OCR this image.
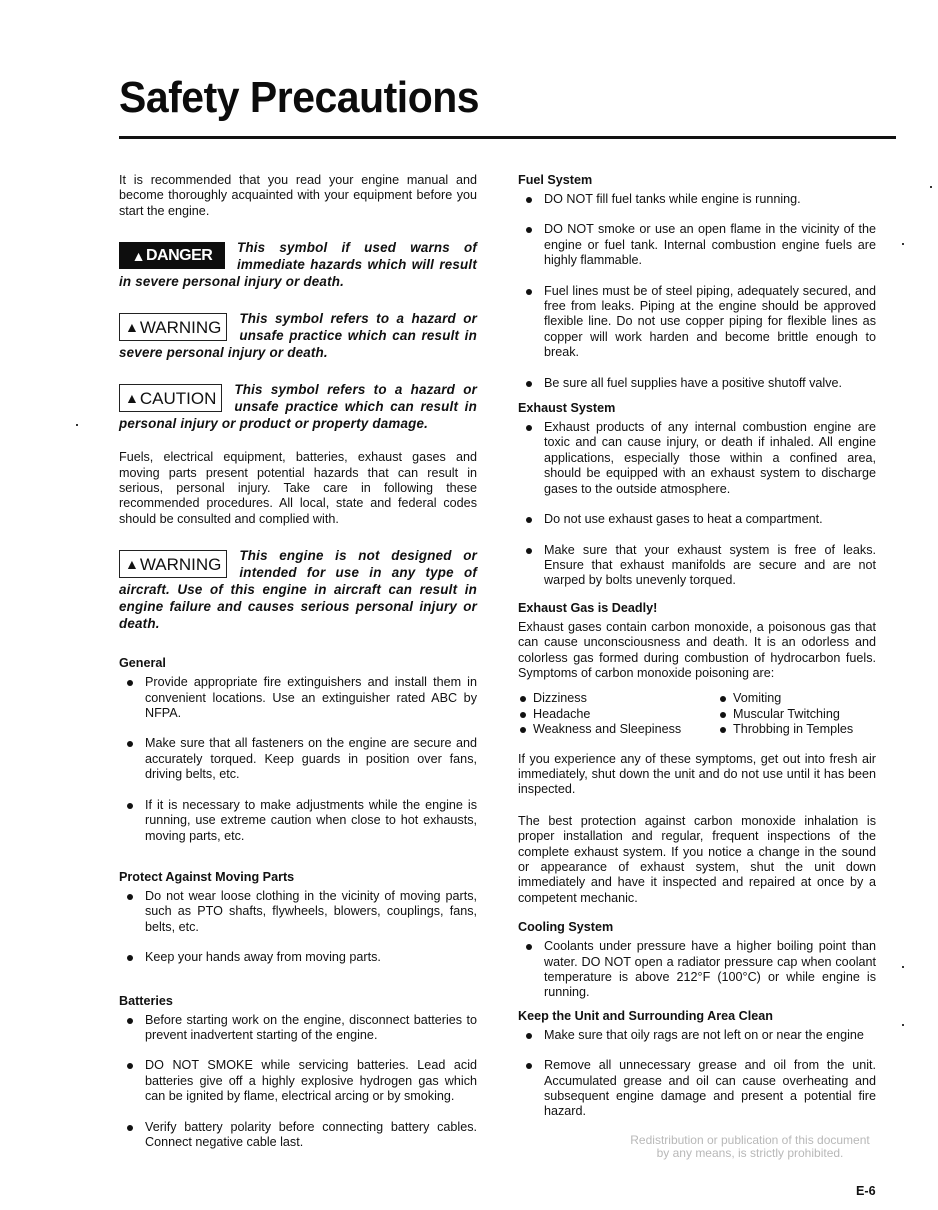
Safety Precautions

It is recommended that you read your engine manual and become thoroughly acquainted with your equipment before you start the engine.

▲ DANGER	This symbol if used warns of immediate hazards which will result in severe personal injury or death.
▲ WARNING	This symbol refers to a hazard or unsafe practice which can result in severe personal injury or death.
▲ CAUTION	This symbol refers to a hazard or unsafe practice which can result in personal injury or product or property damage.

Fuels, electrical equipment, batteries, exhaust gases and moving parts present potential hazards that can result in serious, personal injury. Take care in following these recommended procedures. All local, state and federal codes should be consulted and complied with.

▲ WARNING	This engine is not designed or intended for use in any type of aircraft. Use of this engine in aircraft can result in engine failure and causes serious personal injury or death.
General
Provide appropriate fire extinguishers and install them in convenient locations. Use an extinguisher rated ABC by NFPA.
Make sure that all fasteners on the engine are secure and accurately torqued. Keep guards in position over fans, driving belts, etc.
If it is necessary to make adjustments while the engine is running, use extreme caution when close to hot exhausts, moving parts, etc.
Protect Against Moving Parts
Do not wear loose clothing in the vicinity of moving parts, such as PTO shafts, flywheels, blowers, couplings, fans, belts, etc.
Keep your hands away from moving parts.
Batteries
Before starting work on the engine, disconnect batteries to prevent inadvertent starting of the engine.
DO NOT SMOKE while servicing batteries. Lead acid batteries give off a highly explosive hydrogen gas which can be ignited by flame, electrical arcing or by smoking.
Verify battery polarity before connecting battery cables. Connect negative cable last.
Fuel System
DO NOT fill fuel tanks while engine is running.
DO NOT smoke or use an open flame in the vicinity of the engine or fuel tank. Internal combustion engine fuels are highly flammable.
Fuel lines must be of steel piping, adequately secured, and free from leaks. Piping at the engine should be approved flexible line. Do not use copper piping for flexible lines as copper will work harden and become brittle enough to break.
Be sure all fuel supplies have a positive shutoff valve.
Exhaust System
Exhaust products of any internal combustion engine are toxic and can cause injury, or death if inhaled. All engine applications, especially those within a confined area, should be equipped with an exhaust system to discharge gases to the outside atmosphere.
Do not use exhaust gases to heat a compartment.
Make sure that your exhaust system is free of leaks. Ensure that exhaust manifolds are secure and are not warped by bolts unevenly torqued.
Exhaust Gas is Deadly!

Exhaust gases contain carbon monoxide, a poisonous gas that can cause unconsciousness and death. It is an odorless and colorless gas formed during combustion of hydrocarbon fuels. Symptoms of carbon monoxide poisoning are:

Dizziness	Vomiting
Headache	Muscular Twitching
Weakness and Sleepiness	Throbbing in Temples

If you experience any of these symptoms, get out into fresh air immediately, shut down the unit and do not use until it has been inspected.

The best protection against carbon monoxide inhalation is proper installation and regular, frequent inspections of the complete exhaust system. If you notice a change in the sound or appearance of exhaust system, shut the unit down immediately and have it inspected and repaired at once by a competent mechanic.

Cooling System
Coolants under pressure have a higher boiling point than water. DO NOT open a radiator pressure cap when coolant temperature is above 212°F (100°C) or while engine is running.
Keep the Unit and Surrounding Area Clean
Make sure that oily rags are not left on or near the engine
Remove all unnecessary grease and oil from the unit. Accumulated grease and oil can cause overheating and subsequent engine damage and present a potential fire hazard.
Redistribution or publication of this document
by any means, is strictly prohibited.
E-6
